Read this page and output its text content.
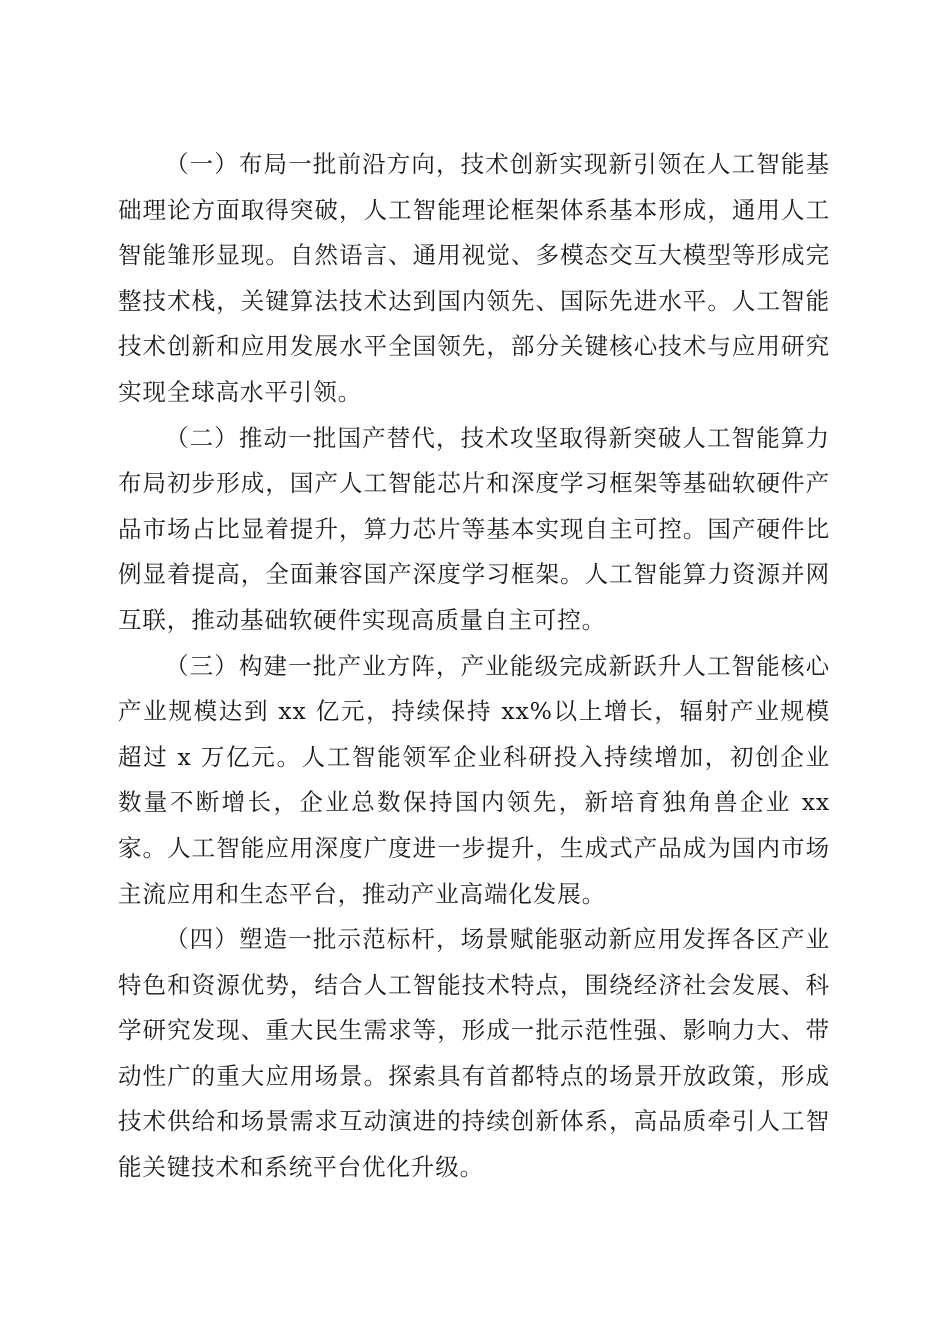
（一）布局一批前沿方向，技术创新实现新引领在人工智能基础理论方面取得突破，人工智能理论框架体系基本形成，通用人工智能雏形显现。自然语言、通用视觉、多模态交互大模型等形成完整技术栈，关键算法技术达到国内领先、国际先进水平。人工智能技术创新和应用发展水平全国领先，部分关键核心技术与应用研究实现全球高水平引领。

（二）推动一批国产替代，技术攻坚取得新突破人工智能算力布局初步形成，国产人工智能芯片和深度学习框架等基础软硬件产品市场占比显着提升，算力芯片等基本实现自主可控。国产硬件比例显着提高，全面兼容国产深度学习框架。人工智能算力资源并网互联，推动基础软硬件实现高质量自主可控。

（三）构建一批产业方阵，产业能级完成新跃升人工智能核心产业规模达到 xx 亿元，持续保持 xx%以上增长，辐射产业规模超过 x 万亿元。人工智能领军企业科研投入持续增加，初创企业数量不断增长，企业总数保持国内领先，新培育独角兽企业 xx 家。人工智能应用深度广度进一步提升，生成式产品成为国内市场主流应用和生态平台，推动产业高端化发展。

（四）塑造一批示范标杆，场景赋能驱动新应用发挥各区产业特色和资源优势，结合人工智能技术特点，围绕经济社会发展、科学研究发现、重大民生需求等，形成一批示范性强、影响力大、带动性广的重大应用场景。探索具有首都特点的场景开放政策，形成技术供给和场景需求互动演进的持续创新体系，高品质牵引人工智能关键技术和系统平台优化升级。
